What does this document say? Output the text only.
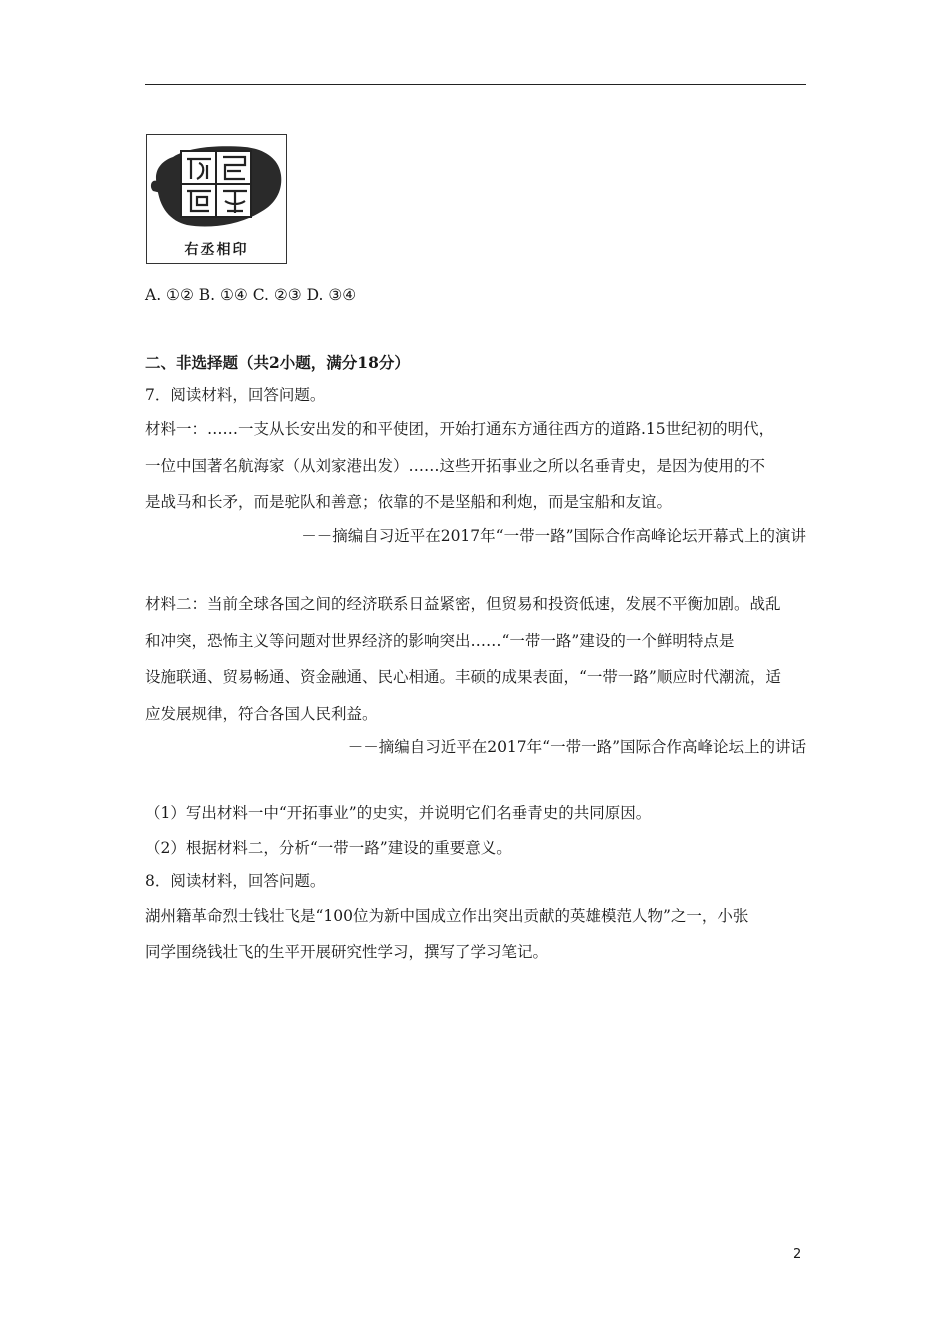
右丞相印
A. ①② B. ①④ C. ②③ D. ③④
二、非选择题（共2小题，满分18分）
7．阅读材料，回答问题。
材料一：……一支从长安出发的和平使团，开始打通东方通往西方的道路.15世纪初的明代，
一位中国著名航海家（从刘家港出发）……这些开拓事业之所以名垂青史，是因为使用的不
是战马和长矛，而是驼队和善意；依靠的不是坚船和利炮，而是宝船和友谊。
－－摘编自习近平在2017年“一带一路”国际合作高峰论坛开幕式上的演讲
材料二：当前全球各国之间的经济联系日益紧密，但贸易和投资低速，发展不平衡加剧。战乱
和冲突，恐怖主义等问题对世界经济的影响突出……“一带一路”建设的一个鲜明特点是
设施联通、贸易畅通、资金融通、民心相通。丰硕的成果表面，“一带一路”顺应时代潮流，适
应发展规律，符合各国人民利益。
－－摘编自习近平在2017年“一带一路”国际合作高峰论坛上的讲话
（1）写出材料一中“开拓事业”的史实，并说明它们名垂青史的共同原因。
（2）根据材料二，分析“一带一路”建设的重要意义。
8．阅读材料，回答问题。
湖州籍革命烈士钱壮飞是“100位为新中国成立作出突出贡献的英雄模范人物”之一，小张
同学围绕钱壮飞的生平开展研究性学习，撰写了学习笔记。
2
